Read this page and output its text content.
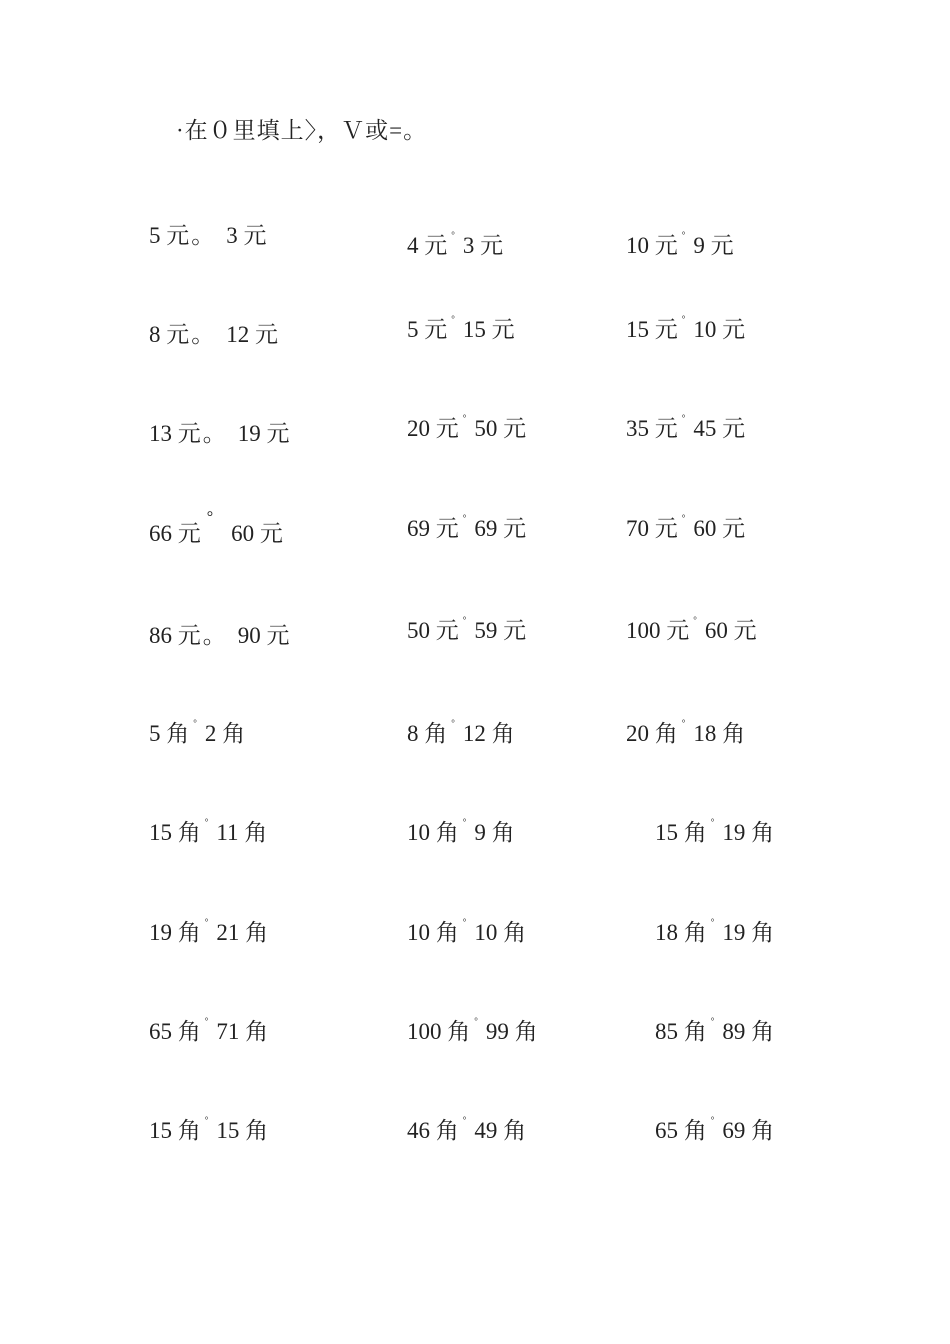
·在０里填上〉，Ｖ或=。
5 元。 3 元	4 元 ° 3 元	10 元 ° 9 元
8 元。 12 元	5 元 ° 15 元	15 元 ° 10 元
13 元。 19 元	20 元 ° 50 元	35 元 ° 45 元
66 元°60 元	69 元 ° 69 元	70 元 ° 60 元
86 元。 90 元	50 元 ° 59 元	100 元 ° 60 元
5 角 ° 2 角	8 角 ° 12 角	20 角 ° 18 角
15 角 ° 11 角	10 角 ° 9 角	15 角 ° 19 角
19 角 ° 21 角	10 角 ° 10 角	18 角 ° 19 角
65 角 ° 71 角	100 角 ° 99 角	85 角 ° 89 角
15 角 ° 15 角	46 角 ° 49 角	65 角 ° 69 角
